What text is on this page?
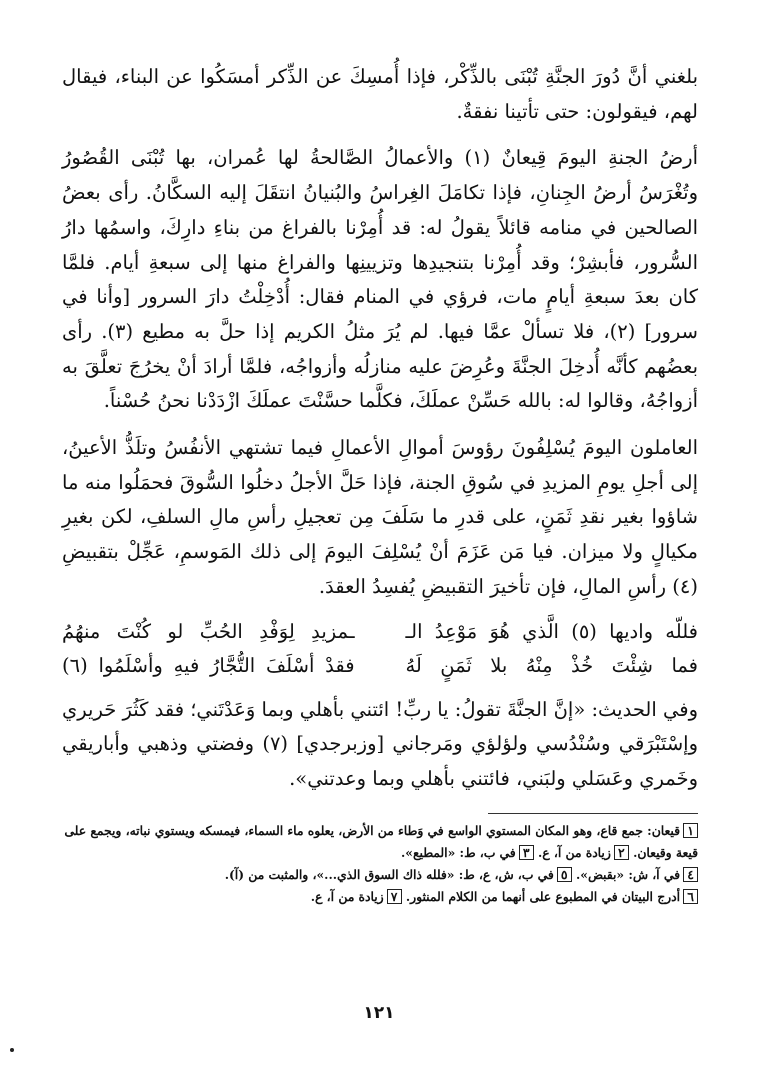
بلغني أنَّ دُورَ الجنَّةِ تُبْنَى بالذِّكْر، فإذا أُمسِكَ عن الذِّكر أمسَكُوا عن البناء، فيقال لهم، فيقولون: حتى تأتينا نفقةٌ.

أرضُ الجنةِ اليومَ قِيعانٌ (١) والأعمالُ الصَّالحةُ لها عُمران، بها تُبْنَى القُصُورُ وتُغْرَسُ أرضُ الجِنانِ، فإذا تكامَلَ الغِراسُ والبُنيانُ انتقَلَ إليه السكَّانُ. رأى بعضُ الصالحين في منامه قائلاً يقولُ له: قد أُمِرْنا بالفراغ من بناءِ دارِكَ، واسمُها دارُ السُّرور، فأبشِرْ؛ وقد أُمِرْنا بتنجيدِها وتزيينِها والفراغ منها إلى سبعةِ أيام. فلمَّا كان بعدَ سبعةِ أيامٍ مات، فرؤي في المنام فقال: أُدْخِلْتُ دارَ السرور [وأنا في سرور] (٢)، فلا تسألْ عمَّا فيها. لم يُرَ مثلُ الكريم إذا حلَّ به مطيع (٣). رأى بعضُهم كأنَّه أُدخِلَ الجنَّةَ وعُرِضَ عليه منازلُه وأزواجُه، فلمَّا أرادَ أنْ يخرُجَ تعلَّقَ به أزواجُهُ، وقالوا له: بالله حَسِّنْ عملَكَ، فكلَّما حسَّنْتَ عملَكَ ازْدَدْنا نحنُ حُسْناً.

العاملون اليومَ يُسْلِفُونَ رؤوسَ أموالِ الأعمالِ فيما تشتهي الأنفُسُ وتلَذُّ الأعينُ، إلى أجلِ يومِ المزيدِ في سُوقِ الجنة، فإذا حَلَّ الأجلُ دخلُوا السُّوقَ فحمَلُوا منه ما شاؤوا بغير نقدِ ثَمَنٍ، على قدرِ ما سَلَفَ مِن تعجيلِ رأسِ مالِ السلفِ، لكن بغيرِ مكيالٍ ولا ميزان. فيا مَن عَزَمَ أنْ يُسْلِفَ اليومَ إلى ذلك المَوسمِ، عَجِّلْ بتقبيضِ (٤) رأسِ المالِ، فإن تأخيرَ التقبيضِ يُفسِدُ العقدَ.

فللّه واديها (٥) الَّذي هُوَ مَوْعِدُ الـ
ـمزيدِ لِوَفْدِ الحُبِّ لو كُنْتَ منهُمُ
فما شِئْتَ خُذْ مِنْهُ بلا ثَمَنٍ لَهُ
فقدْ أسْلَفَ التُّجَّارُ فيهِ وأسْلَمُوا (٦)

وفي الحديث: «إنَّ الجنَّةَ تقولُ: يا ربِّ! ائتني بأهلي وبما وَعَدْتَني؛ فقد كَثُرَ حَريري وإسْتَبْرَقي وسُنْدُسي ولؤلؤي ومَرجاني [وزبرجدي] (٧) وفضتي وذهبي وأباريقي وخَمري وعَسَلي ولبَني، فائتني بأهلي وبما وعدتني».

١قيعان: جمع قاع، وهو المكان المستوي الواسع في وَطاء من الأرض، يعلوه ماء السماء، فيمسكه ويستوي نباته، ويجمع على قيعة وقيعان. ٢زيادة من آ، ع. ٣في ب، ط: «المطيع».
٤في آ، ش: «بقبض». ٥في ب، ش، ع، ط: «فلله ذاك السوق الذي...»، والمثبت من (آ).
٦أدرج البيتان في المطبوع على أنهما من الكلام المنثور. ٧زيادة من آ، ع.
١٢١
